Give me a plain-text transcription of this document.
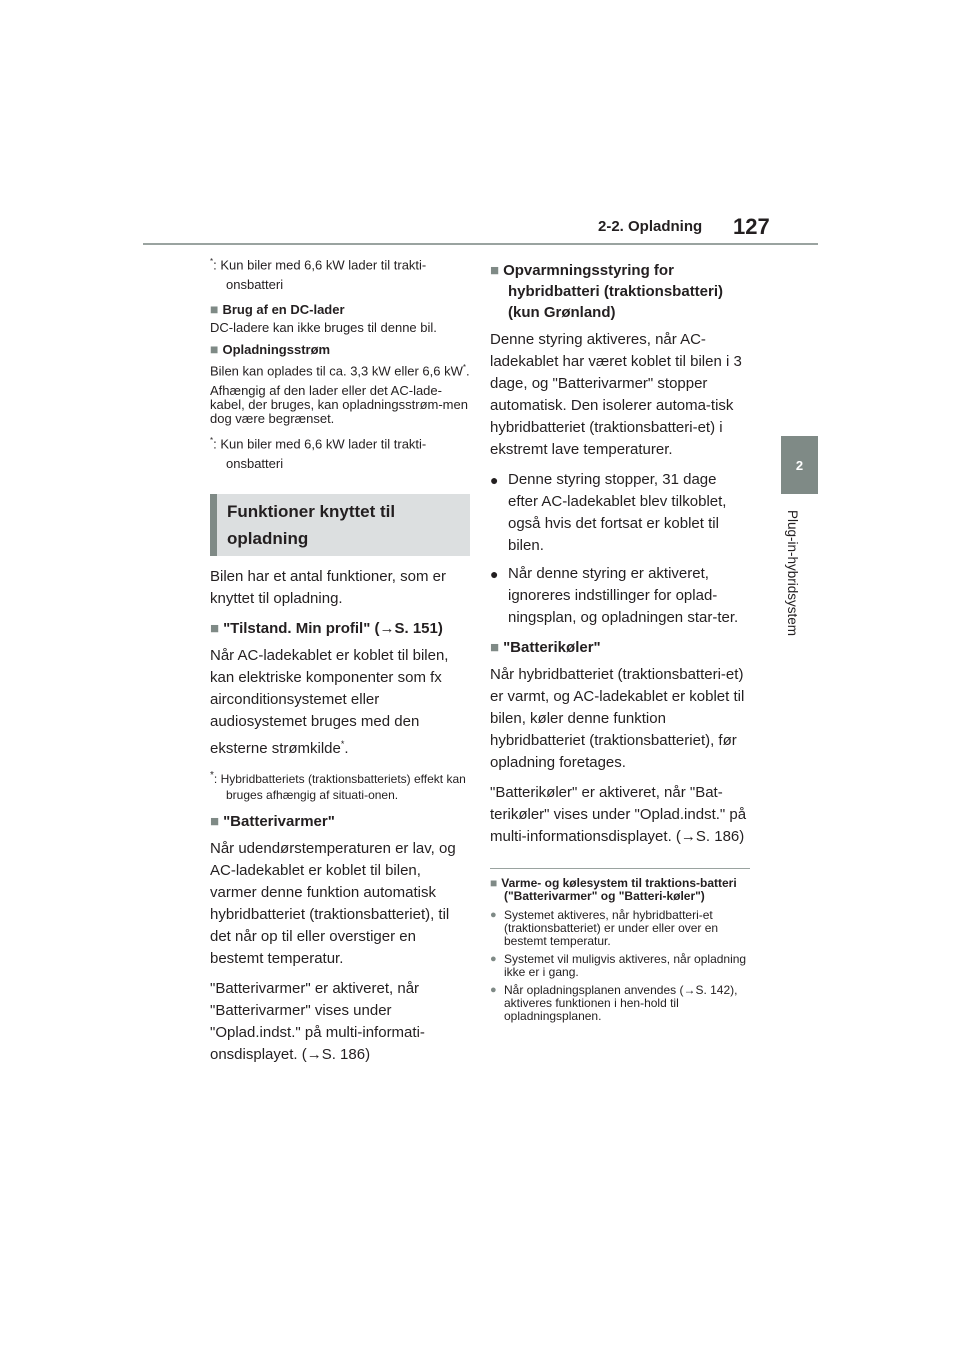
2-2. Opladning 127
2
Plug-in-hybridsystem
*: Kun biler med 6,6 kW lader til trakti-onsbatteri
■ Brug af en DC-lader
DC-ladere kan ikke bruges til denne bil.
■ Opladningsstrøm
Bilen kan oplades til ca. 3,3 kW eller 6,6 kW*.
Afhængig af den lader eller det AC-lade-kabel, der bruges, kan opladningsstrøm-men dog være begrænset.
*: Kun biler med 6,6 kW lader til trakti-onsbatteri
Funktioner knyttet til opladning

Bilen har et antal funktioner, som er knyttet til opladning.

■ "Tilstand. Min profil" (→S. 151)

Når AC-ladekablet er koblet til bilen, kan elektriske komponenter som fx airconditionsystemet eller audiosystemet bruges med den eksterne strømkilde*.

*: Hybridbatteriets (traktionsbatteriets) effekt kan bruges afhængig af situati-onen.
■ "Batterivarmer"

Når udendørstemperaturen er lav, og AC-ladekablet er koblet til bilen, varmer denne funktion automatisk hybridbatteriet (traktionsbatteriet), til det når op til eller overstiger en bestemt temperatur.

"Batterivarmer" er aktiveret, når "Batterivarmer" vises under "Oplad.indst." på multi-informati-onsdisplayet. (→S. 186)

■ Opvarmningsstyring for hybridbatteri (traktionsbatteri) (kun Grønland)

Denne styring aktiveres, når AC-ladekablet har været koblet til bilen i 3 dage, og "Batterivarmer" stopper automatisk. Den isolerer automa-tisk hybridbatteriet (traktionsbatteri-et) i ekstremt lave temperaturer.

● Denne styring stopper, 31 dage efter AC-ladekablet blev tilkoblet, også hvis det fortsat er koblet til bilen.
● Når denne styring er aktiveret, ignoreres indstillinger for oplad-ningsplan, og opladningen star-ter.
■ "Batterikøler"

Når hybridbatteriet (traktionsbatteri-et) er varmt, og AC-ladekablet er koblet til bilen, køler denne funktion hybridbatteriet (traktionsbatteriet), før opladning foretages.

"Batterikøler" er aktiveret, når "Bat-terikøler" vises under "Oplad.indst." på multi-informationsdisplayet. (→S. 186)

■ Varme- og kølesystem til traktions-batteri ("Batterivarmer" og "Batteri-køler")
● Systemet aktiveres, når hybridbatteri-et (traktionsbatteriet) er under eller over en bestemt temperatur.
● Systemet vil muligvis aktiveres, når opladning ikke er i gang.
● Når opladningsplanen anvendes (→S. 142), aktiveres funktionen i hen-hold til opladningsplanen.
